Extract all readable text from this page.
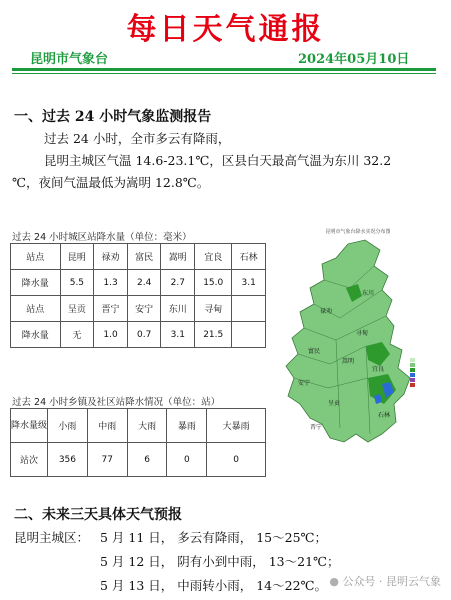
每日天气通报
昆明市气象台	2024年05月10日
一、过去 24 小时气象监测报告
过去 24 小时，全市多云有降雨，
昆明主城区气温 14.6-23.1℃，区县白天最高气温为东川 32.2
℃，夜间气温最低为嵩明 12.8℃。
过去 24 小时城区站降水量（单位：毫米）
站点	昆明	禄劝	富民	嵩明	宜良	石林
降水量	5.5	1.3	2.4	2.7	15.0	3.1
站点	呈贡	晋宁	安宁	东川	寻甸	
降水量	无	1.0	0.7	3.1	21.5	
过去 24 小时乡镇及社区站降水情况（单位：站）
降水量级	小雨	中雨	大雨	暴雨	大暴雨
站次	356	77	6	0	0
昆明市气象台降水实况分布图
东川
禄劝
寻甸
嵩明
富民
安宁
晋宁
宜良
石林
呈贡
二、未来三天具体天气预报
昆明主城区： 5 月 11 日， 多云有降雨， 15～25℃；
5 月 12 日， 阴有小到中雨， 13～21℃；
5 月 13 日， 中雨转小雨， 14～22℃。 ● 公众号 · 昆明云气象
